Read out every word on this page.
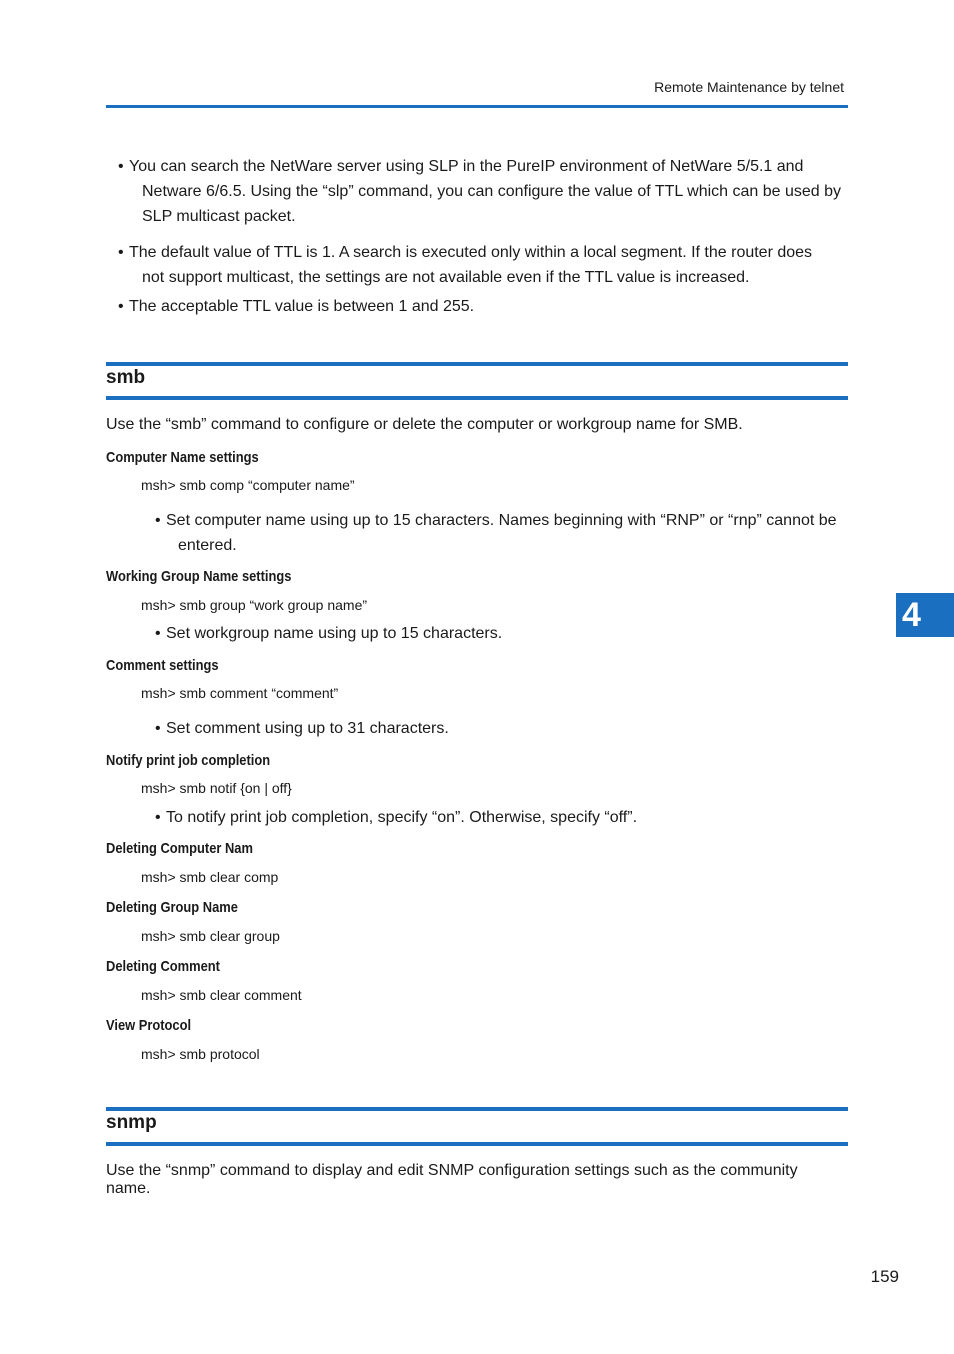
Remote Maintenance by telnet
• You can search the NetWare server using SLP in the PureIP environment of NetWare 5/5.1 and
Netware 6/6.5. Using the “slp” command, you can configure the value of TTL which can be used by SLP multicast packet.
• The default value of TTL is 1. A search is executed only within a local segment. If the router does
not support multicast, the settings are not available even if the TTL value is increased.
• The acceptable TTL value is between 1 and 255.
smb
Use the “smb” command to configure or delete the computer or workgroup name for SMB.
Computer Name settings
msh> smb comp “computer name”
• Set computer name using up to 15 characters. Names beginning with “RNP” or “rnp” cannot be
entered.
Working Group Name settings
msh> smb group “work group name”
• Set workgroup name using up to 15 characters.
Comment settings
msh> smb comment “comment”
• Set comment using up to 31 characters.
Notify print job completion
msh> smb notif {on | off}
• To notify print job completion, specify “on”. Otherwise, specify “off”.
Deleting Computer Nam
msh> smb clear comp
Deleting Group Name
msh> smb clear group
Deleting Comment
msh> smb clear comment
View Protocol
msh> smb protocol
snmp
Use the “snmp” command to display and edit SNMP configuration settings such as the community name.
4
159
